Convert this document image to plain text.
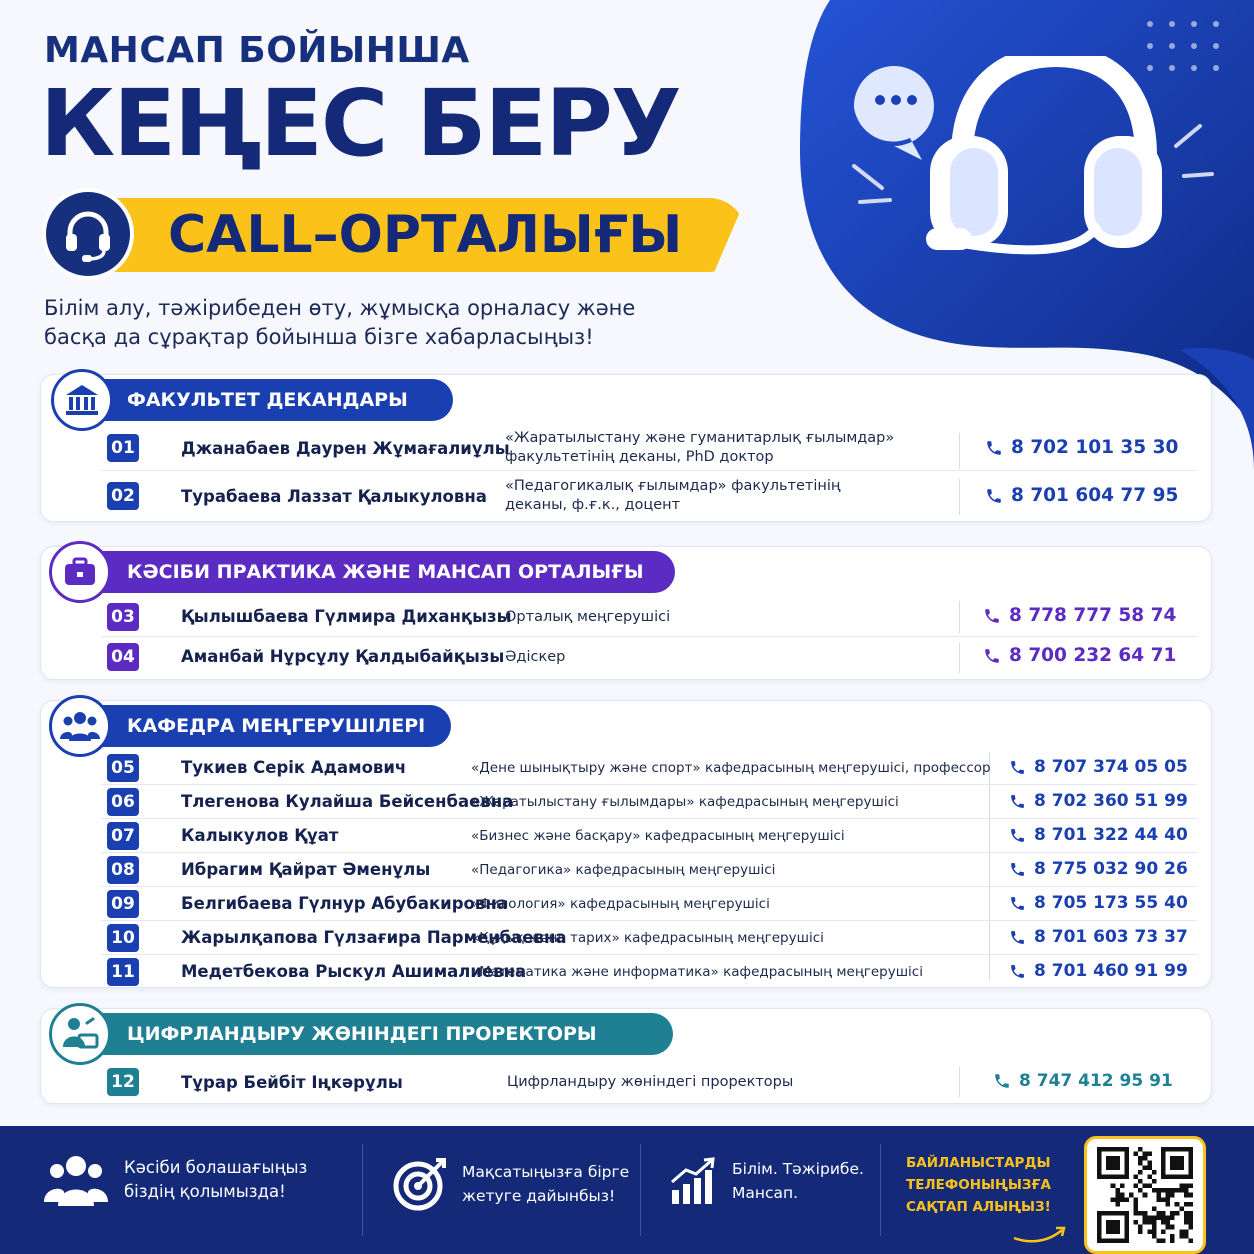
МАНСАП БОЙЫНША
КЕҢЕС БЕРУ
CALL–ОРТАЛЫҒЫ
Білім алу, тәжірибеден өту, жұмысқа орналасу және
басқа да сұрақтар бойынша бізге хабарласыңыз!
ФАКУЛЬТЕТ ДЕКАНДАРЫ
01	Джанабаев Даурен Жұмағалиұлы
«Жаратылыстану және гуманитарлық ғылымдар»
факультетінің деканы, PhD доктор	8 702 101 35 30
02	Турабаева Лаззат Қалыкуловна
«Педагогикалық ғылымдар» факультетінің
деканы, ф.ғ.к., доцент	8 701 604 77 95
КӘСІБИ ПРАКТИКА ЖӘНЕ МАНСАП ОРТАЛЫҒЫ
03	Қылышбаева Гүлмира Диханқызы
Орталық меңгерушісі	8 778 777 58 74
04	Аманбай Нұрсұлу Қалдыбайқызы Әдіскер	8 700 232 64 71
КАФЕДРА МЕҢГЕРУШІЛЕРІ
05	Тукиев Серік Адамович	«Дене шынықтыру және спорт» кафедрасының меңгерушісі, профессор	8 707 374 05 05
06	Тлегенова Кулайша Бейсенбаевна
«Жаратылыстану ғылымдары» кафедрасының меңгерушісі	8 702 360 51 99
07	Калыкулов Құат	«Бизнес және басқару» кафедрасының меңгерушісі	8 701 322 44 40
08	Ибрагим Қайрат Әменұлы	«Педагогика» кафедрасының меңгерушісі	8 775 032 90 26
09	Белгибаева Гүлнур Абубакировна
«Филология» кафедрасының меңгерушісі	8 705 173 55 40
10	Жарылқапова Гүлзағира Парменбаевна
«Құқық және тарих» кафедрасының меңгерушісі	8 701 603 73 37
11	Медетбекова Рыскул Ашималиевна
«Математика және информатика» кафедрасының меңгерушісі	8 701 460 91 99
ЦИФРЛАНДЫРУ ЖӨНІНДЕГІ ПРОРЕКТОРЫ
12	Тұрар Бейбіт Іңкәрұлы	Цифрландыру жөніндегі проректоры	8 747 412 95 91
Кәсіби болашағыңыз
біздің қолымызда!
Мақсатыңызға бірге
жетуге дайынбыз!
Білім. Тәжірибе.
Мансап.
БАЙЛАНЫСТАРДЫ
ТЕЛЕФОНЫҢЫЗҒА
САҚТАП АЛЫҢЫЗ!
